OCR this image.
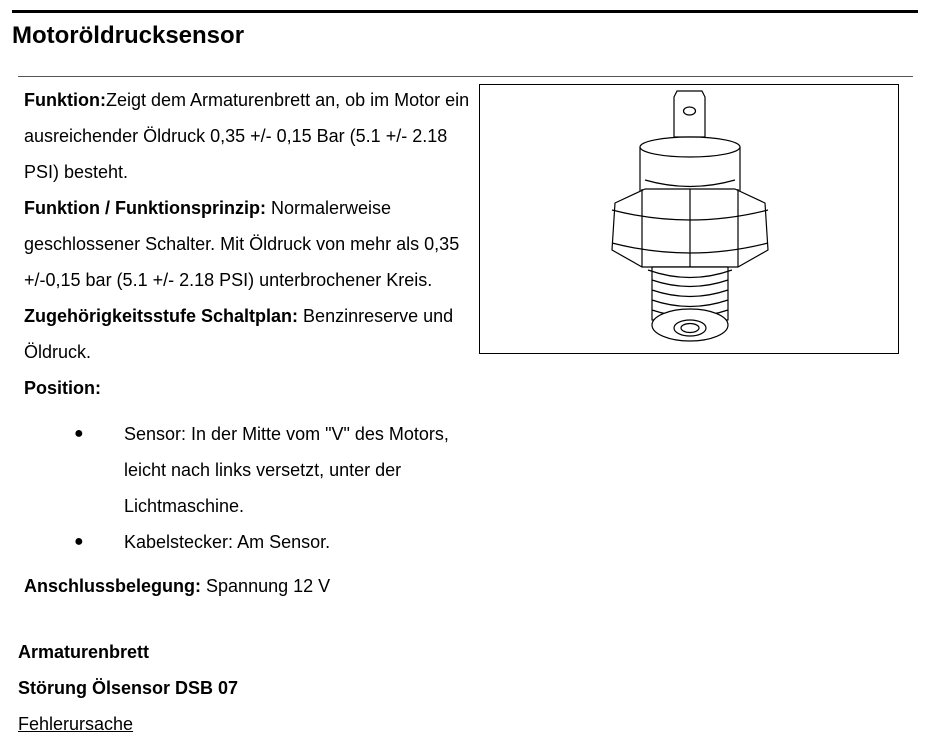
Motoröldrucksensor

Funktion:Zeigt dem Armaturenbrett an, ob im Motor ein ausreichender Öldruck 0,35 +/- 0,15 Bar (5.1 +/- 2.18 PSI) besteht.

Funktion / Funktionsprinzip: Normalerweise geschlossener Schalter. Mit Öldruck von mehr als 0,35 +/-0,15 bar (5.1 +/- 2.18 PSI) unterbrochener Kreis.

Zugehörigkeitsstufe Schaltplan: Benzinreserve und Öldruck.

Position:

● Sensor: In der Mitte vom "V" des Motors, leicht nach links versetzt, unter der Lichtmaschine.
● Kabelstecker: Am Sensor.

Anschlussbelegung: Spannung 12 V

Armaturenbrett
Störung Ölsensor DSB 07
Fehlerursache
